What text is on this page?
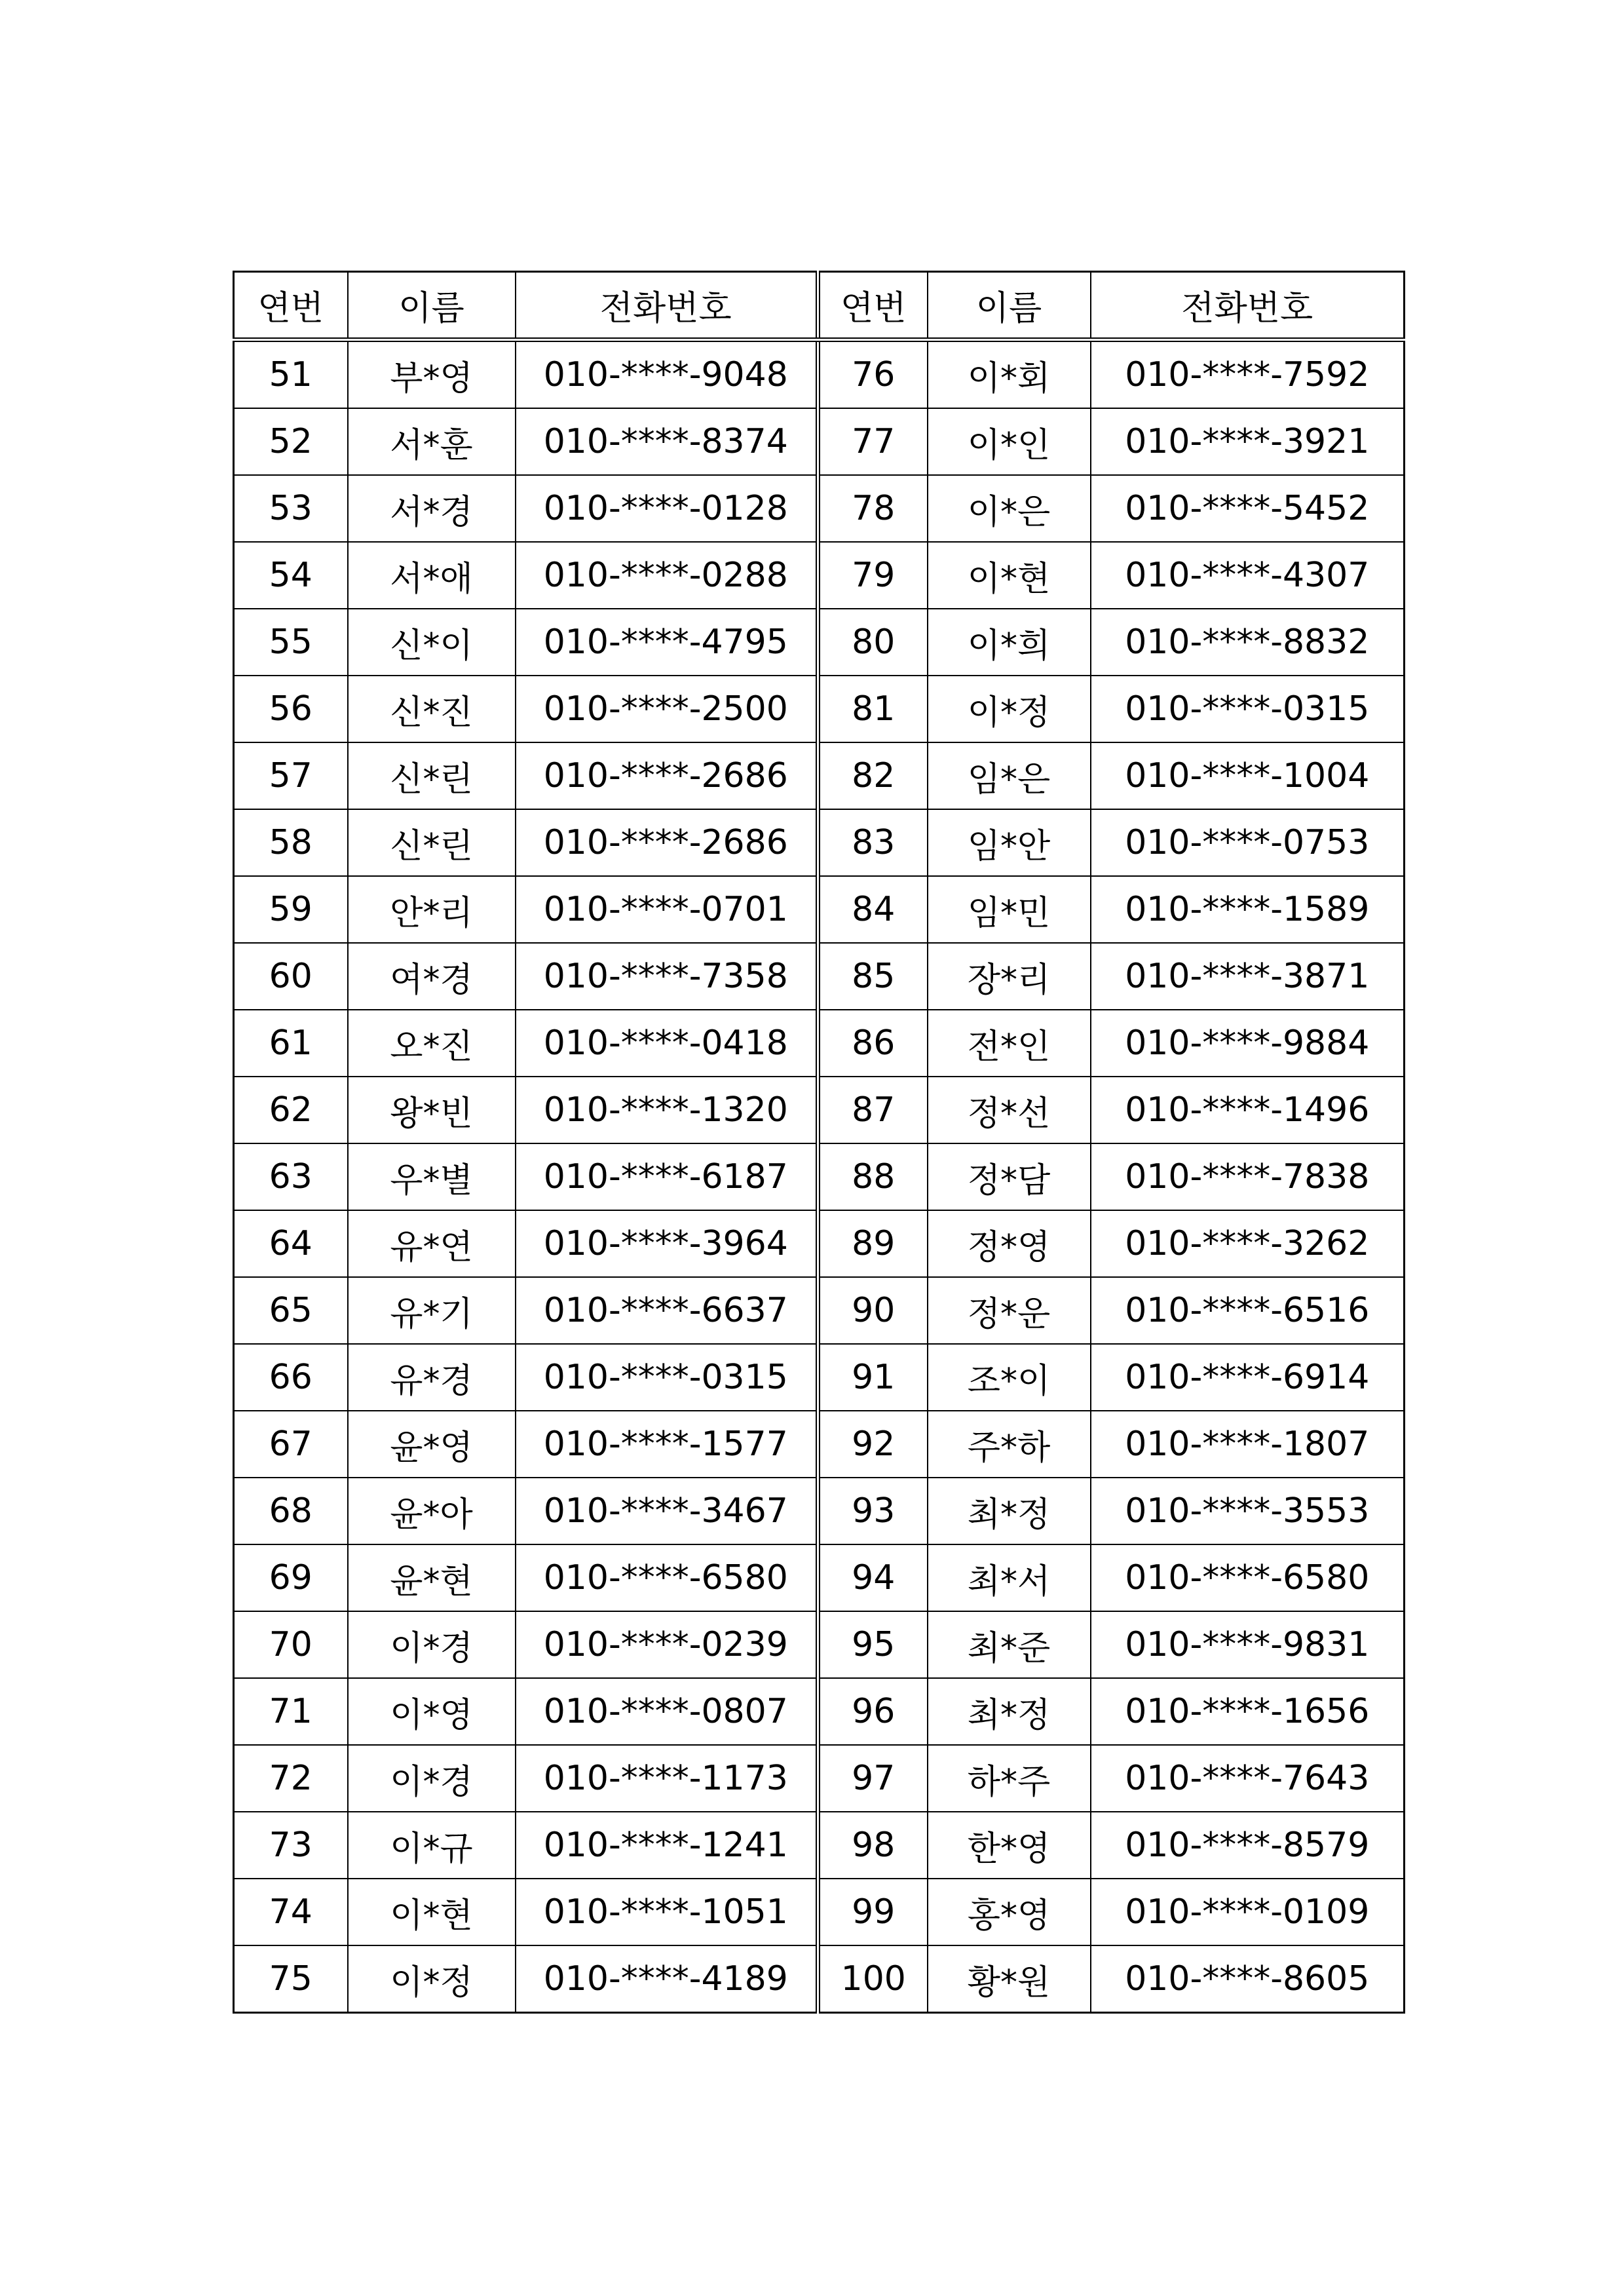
연번	이름	전화번호	연번	이름	전화번호
51	부*영	010-****-9048	76	이*회	010-****-7592
52	서*훈	010-****-8374	77	이*인	010-****-3921
53	서*경	010-****-0128	78	이*은	010-****-5452
54	서*애	010-****-0288	79	이*현	010-****-4307
55	신*이	010-****-4795	80	이*희	010-****-8832
56	신*진	010-****-2500	81	이*정	010-****-0315
57	신*린	010-****-2686	82	임*은	010-****-1004
58	신*린	010-****-2686	83	임*안	010-****-0753
59	안*리	010-****-0701	84	임*민	010-****-1589
60	여*경	010-****-7358	85	장*리	010-****-3871
61	오*진	010-****-0418	86	전*인	010-****-9884
62	왕*빈	010-****-1320	87	정*선	010-****-1496
63	우*별	010-****-6187	88	정*담	010-****-7838
64	유*연	010-****-3964	89	정*영	010-****-3262
65	유*기	010-****-6637	90	정*운	010-****-6516
66	유*경	010-****-0315	91	조*이	010-****-6914
67	윤*영	010-****-1577	92	주*하	010-****-1807
68	윤*아	010-****-3467	93	최*정	010-****-3553
69	윤*현	010-****-6580	94	최*서	010-****-6580
70	이*경	010-****-0239	95	최*준	010-****-9831
71	이*영	010-****-0807	96	최*정	010-****-1656
72	이*경	010-****-1173	97	하*주	010-****-7643
73	이*규	010-****-1241	98	한*영	010-****-8579
74	이*현	010-****-1051	99	홍*영	010-****-0109
75	이*정	010-****-4189	100	황*원	010-****-8605
